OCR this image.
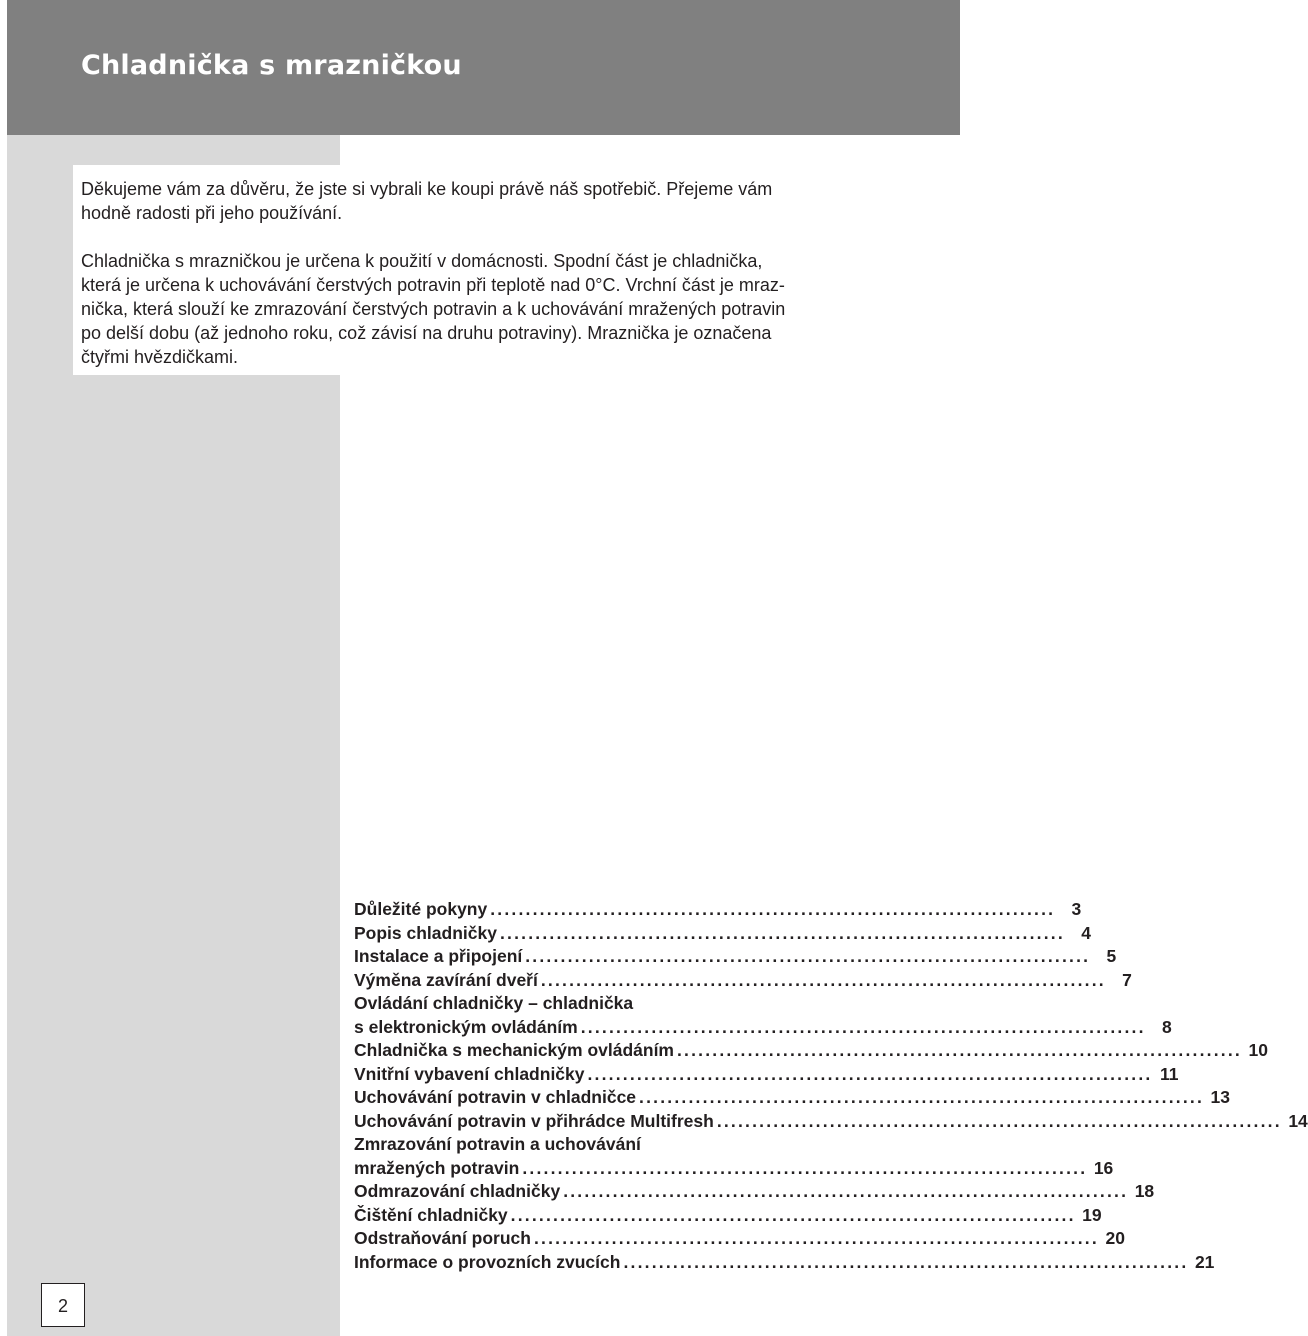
Chladnička s mrazničkou

Děkujeme vám za důvěru, že jste si vybrali ke koupi právě náš spotřebič. Přejeme vám
hodně radosti při jeho používání.

Chladnička s mrazničkou je určena k použití v domácnosti. Spodní část je chladnička,
která je určena k uchovávání čerstvých potravin při teplotě nad 0°C. Vrchní část je mraz-
nička, která slouží ke zmrazování čerstvých potravin a k uchovávání mražených potravin
po delší dobu (až jednoho roku, což závisí na druhu potraviny). Mraznička je označena
čtyřmi hvězdičkami.

Důležité pokyny ................................................................................ 3
Popis chladničky ................................................................................ 4
Instalace a připojení ................................................................................ 5
Výměna zavírání dveří ................................................................................ 7
Ovládání chladničky – chladnička
s elektronickým ovládáním ................................................................................ 8
Chladnička s mechanickým ovládáním ................................................................................ 10
Vnitřní vybavení chladničky ................................................................................ 11
Uchovávání potravin v chladničce ................................................................................ 13
Uchovávání potravin v přihrádce Multifresh ................................................................................ 14
Zmrazování potravin a uchovávání
mražených potravin ................................................................................ 16
Odmrazování chladničky ................................................................................ 18
Čištění chladničky ................................................................................ 19
Odstraňování poruch ................................................................................ 20
Informace o provozních zvucích ................................................................................ 21
2
